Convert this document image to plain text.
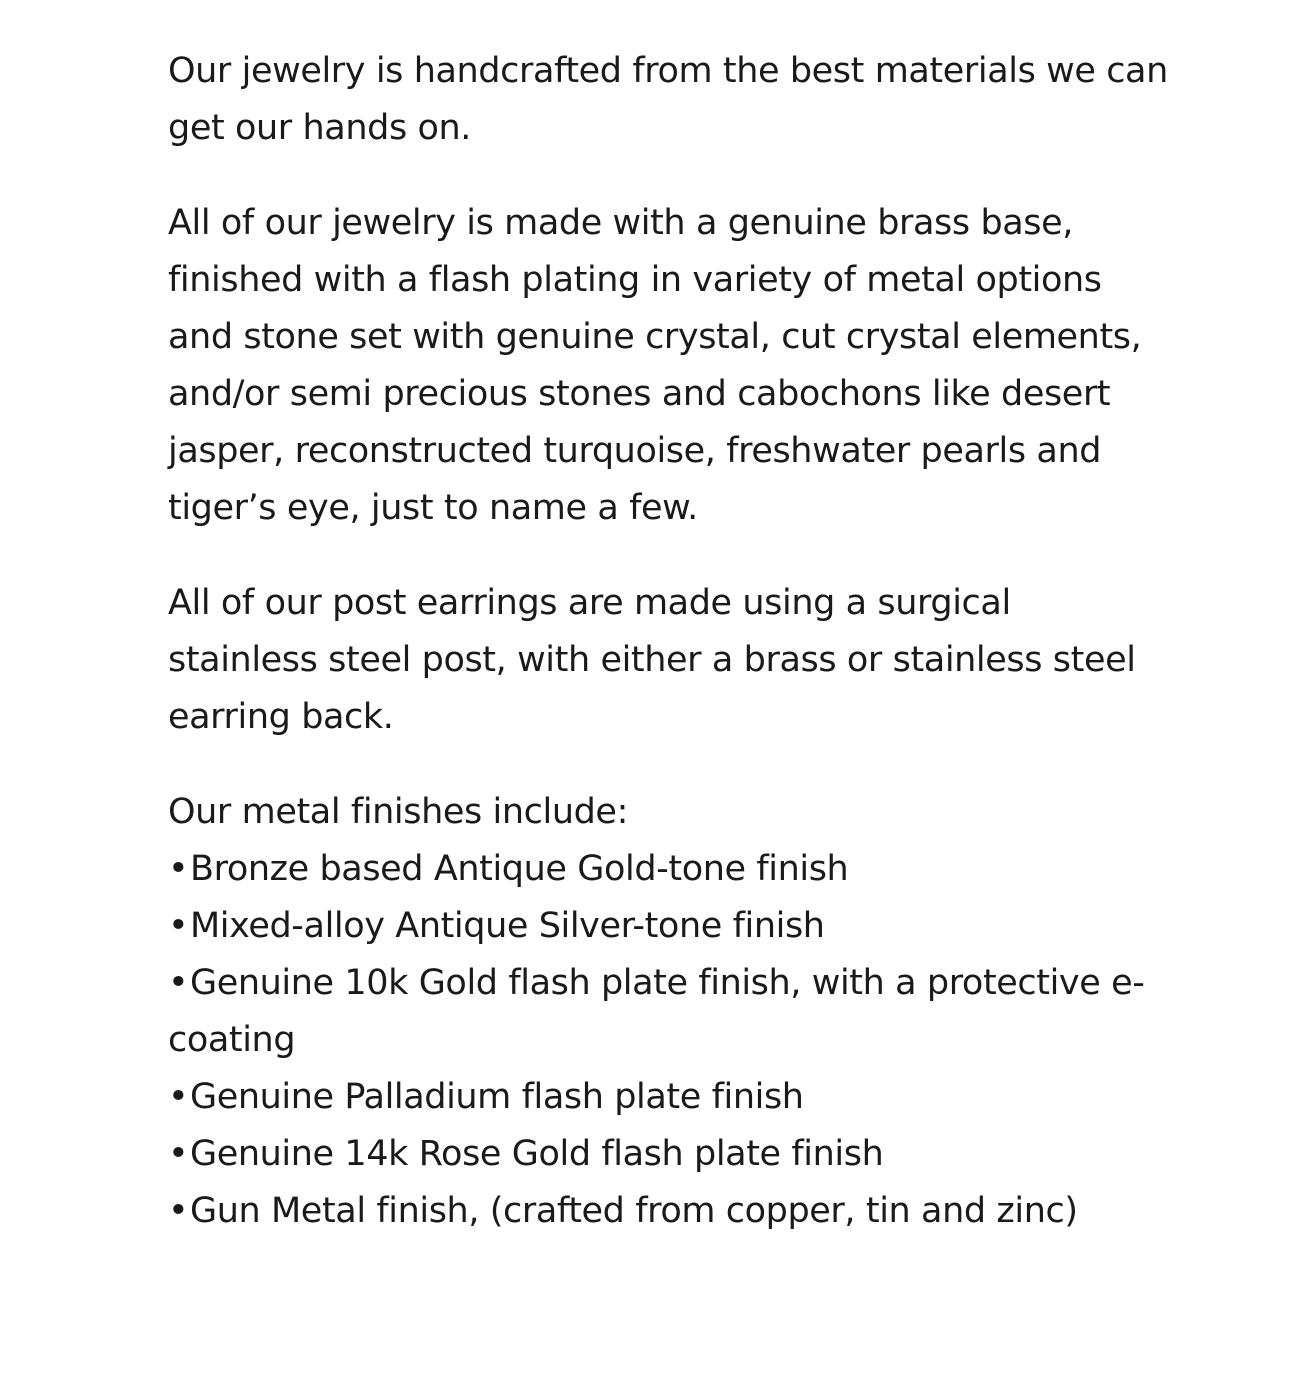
Our jewelry is handcrafted from the best materials we can get our hands on.

All of our jewelry is made with a genuine brass base, finished with a flash plating in variety of metal options and stone set with genuine crystal, cut crystal elements, and/or semi precious stones and cabochons like desert jasper, reconstructed turquoise, freshwater pearls and tiger’s eye, just to name a few.

All of our post earrings are made using a surgical stainless steel post, with either a brass or stainless steel earring back.

Our metal finishes include:

•Bronze based Antique Gold-tone finish
•Mixed-alloy Antique Silver-tone finish
•Genuine 10k Gold flash plate finish, with a protective e-coating
•Genuine Palladium flash plate finish
•Genuine 14k Rose Gold flash plate finish
•Gun Metal finish, (crafted from copper, tin and zinc)
